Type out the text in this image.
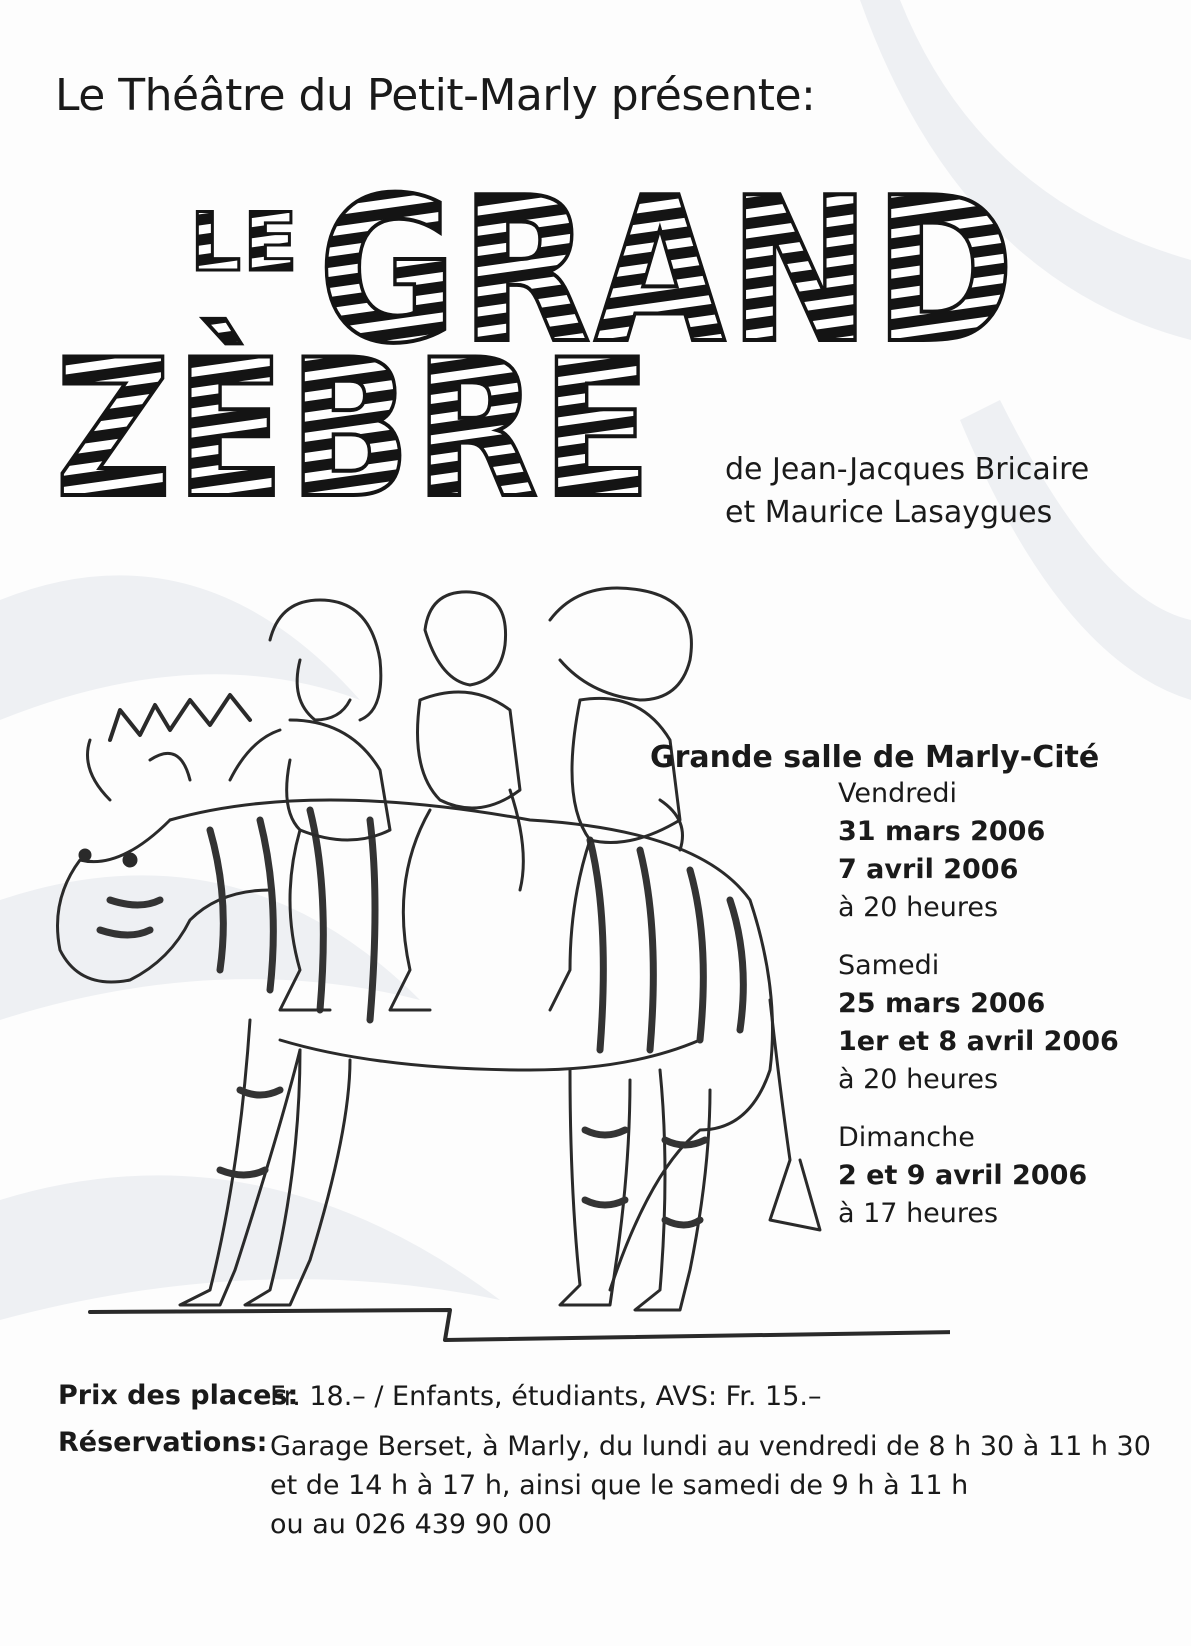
Le Théâtre du Petit-Marly présente:
LE GRAND
ZÈBRE
de Jean-Jacques Bricaire
et Maurice Lasaygues
Grande salle de Marly-Cité
Vendredi
31 mars 2006
7 avril 2006
à 20 heures
Samedi
25 mars 2006
1er et 8 avril 2006
à 20 heures
Dimanche
2 et 9 avril 2006
à 17 heures
Prix des places:
Fr. 18.– / Enfants, étudiants, AVS: Fr. 15.–
Réservations: Garage Berset, à Marly, du lundi au vendredi de 8 h 30 à 11 h 30
et de 14 h à 17 h, ainsi que le samedi de 9 h à 11 h
ou au 026 439 90 00
